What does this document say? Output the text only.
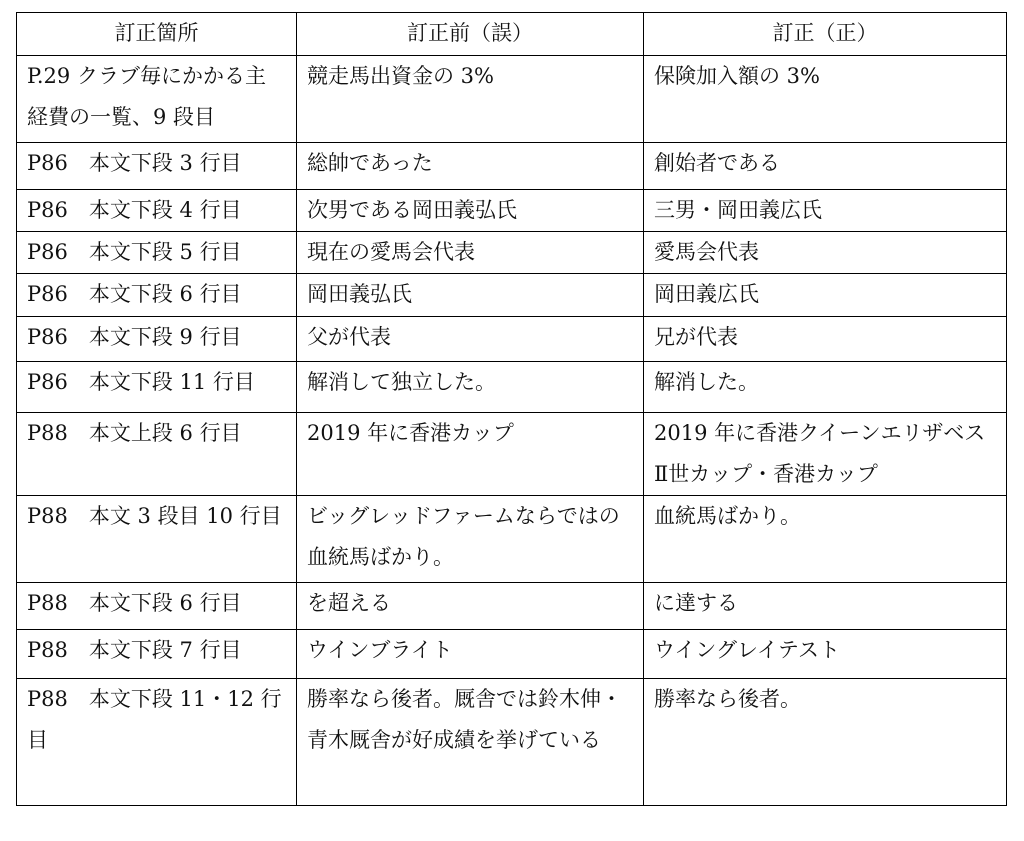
訂正箇所	訂正前（誤）	訂正（正）
P.29 クラブ毎にかかる主経費の一覧、9 段目	競走馬出資金の 3%	保険加入額の 3%
P86　本文下段 3 行目	総帥であった	創始者である
P86　本文下段 4 行目	次男である岡田義弘氏	三男・岡田義広氏
P86　本文下段 5 行目	現在の愛馬会代表	愛馬会代表
P86　本文下段 6 行目	岡田義弘氏	岡田義広氏
P86　本文下段 9 行目	父が代表	兄が代表
P86　本文下段 11 行目	解消して独立した。	解消した。
P88　本文上段 6 行目	2019 年に香港カップ	2019 年に香港クイーンエリザベスⅡ世カップ・香港カップ
P88　本文 3 段目 10 行目	ビッグレッドファームならではの血統馬ばかり。	血統馬ばかり。
P88　本文下段 6 行目	を超える	に達する
P88　本文下段 7 行目	ウインブライト	ウイングレイテスト
P88　本文下段 11・12 行目	勝率なら後者。厩舎では鈴木伸・青木厩舎が好成績を挙げている	勝率なら後者。
